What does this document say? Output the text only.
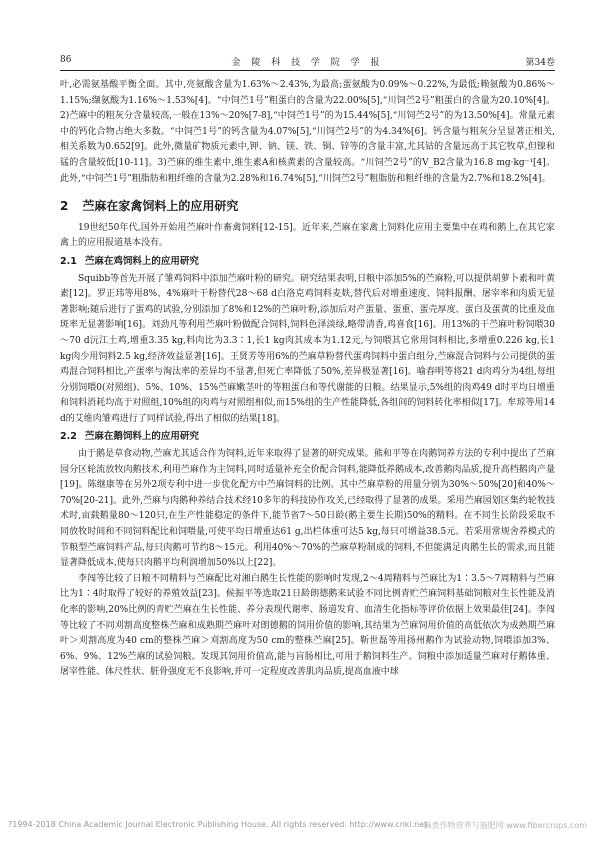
86	金 陵 科 技 学 院 学 报	第34卷

叶,必需氨基酸平衡全面。其中,亮氨酸含量为1.63%～2.43%,为最高;蛋氨酸为0.09%～0.22%,为最低;赖氨酸为0.86%～1.15%;缬氨酸为1.16%～1.53%[4]。“中饲苎1号”粗蛋白的含量为22.00%[5],“川饲苎2号”粗蛋白的含量为20.10%[4]。2)苎麻中的粗灰分含量较高,一般在13%～20%[7-8],“中饲苎1号”的为15.44%[5],“川饲苎2号”的为13.50%[4]。常量元素中的钙化合物占绝大多数。“中饲苎1号”的钙含量为4.07%[5],“川饲苎2号”的为4.34%[6]。钙含量与粗灰分呈显著正相关,相关系数为0.652[9]。此外,微量矿物质元素中,钾、钠、镁、铁、铜、锌等的含量丰富,尤其钴的含量远高于其它牧草,但镍和锰的含量较低[10-11]。3)苎麻的维生素中,维生素A和核黄素的含量较高。“川饲苎2号”的V_B2含量为16.8 mg·kg⁻¹[4]。此外,“中饲苎1号”粗脂肪和粗纤维的含量为2.28%和16.74%[5],“川饲苎2号”粗脂肪和粗纤维的含量为2.7%和18.2%[4]。

2 苎麻在家禽饲料上的应用研究

19世纪50年代,国外开始用苎麻叶作畜禽饲料[12-15]。近年来,苎麻在家禽上饲料化应用主要集中在鸡和鹅上,在其它家禽上的应用报道基本没有。

2.1 苎麻在鸡饲料上的应用研究

Squibb等首先开展了雏鸡饲料中添加苎麻叶粉的研究。研究结果表明,日粮中添加5%的苎麻粉,可以提供胡萝卜素和叶黄素[12]。罗正玮等用8%、4%麻叶干粉替代28～68 d白洛克鸡饲料麦麸,替代后对增重速度、饲料报酬、屠宰率和肉质无显著影响;随后进行了蛋鸡的试验,分别添加了8%和12%的苎麻叶粉,添加后对产蛋量、蛋重、蛋壳厚度、蛋白及蛋黄的比重及血斑率无显著影响[16]。刘劲凡等利用苎麻叶粉做配合饲料,饲料色泽淡绿,略带清香,鸡喜食[16]。用13%的干苎麻叶粉饲喂30～70 d沅江土鸡,增重3.35 kg,料肉比为3.3∶1,长1 kg肉其成本为1.12元,与饲喂其它常用饲料相比,多增重0.226 kg,长1 kg肉少用饲料2.5 kg,经济效益显著[16]。王贤芳等用6%的苎麻草粉替代蛋鸡饲料中蛋白组分,苎麻混合饲料与公司提供的蛋鸡混合饲料相比,产蛋率与淘汰率的差异均不显著,但死亡率降低了50%,差异极显著[16]。喻春明等将21 d肉鸡分为4组,每组分别饲喂0(对照组)、5%、10%、15%苎麻嫩茎叶的等粗蛋白和等代谢能的日粮。结果显示,5%组的肉鸡49 d时平均日增重和饲料消耗均高于对照组,10%组的肉鸡与对照组相似,而15%组的生产性能降低,各组间的饲料转化率相似[17]。牟琼等用14 d的艾维肉雏鸡进行了同样试验,得出了相似的结果[18]。

2.2 苎麻在鹅饲料上的应用研究

由于鹅是草食动物,苎麻尤其适合作为饲料,近年来取得了显著的研究成果。熊和平等在肉鹅饲养方法的专利中提出了苎麻园分区轮流放牧肉鹅技术,利用苎麻作为主饲料,同时适量补充全价配合饲料,能降低养鹅成本,改善鹅肉品质,提升高档鹅肉产量[19]。陈继康等在另外2项专利中进一步优化配方中苎麻饲料的比例。其中苎麻草粉的用量分别为30%～50%[20]和40%～70%[20-21]。此外,苎麻与肉鹅种养结合技术经10多年的科技协作攻关,已经取得了显著的成果。采用苎麻园划区集约轮牧技术时,亩载鹅量80～120只,在生产性能稳定的条件下,能节省7～50日龄(鹅主要生长期)50%的精料。在不同生长阶段采取不同放牧时间和不同饲料配比和饲喂量,可使平均日增重达61 g,出栏体重可达5 kg,每只可增益38.5元。若采用常规舍养模式的节粮型苎麻饲料产品,每只肉鹅可节约8～15元。利用40%～70%的苎麻草粉制成的饲料,不但能满足肉鹅生长的需求,而且能显著降低成本,使每只肉鹅平均利润增加50%以上[22]。

李闯等比较了日粮不同精料与苎麻配比对湘白鹅生长性能的影响时发现,2～4周精料与苎麻比为1∶3.5～7周精料与苎麻比为1∶4时取得了较好的养殖效益[23]。候振平等选取21日龄朗德鹅来试验不同比例青贮苎麻饲料基础饲粮对生长性能及消化率的影响,20%比例的青贮苎麻在生长性能、养分表现代谢率、肠道发育、血清生化指标等评价依据上效果最佳[24]。李闯等比较了不同刈割高度整株苎麻和成熟期苎麻叶对朗德鹅的饲用价值的影响,其结果为苎麻饲用价值的高低依次为成熟期苎麻叶＞刈割高度为40 cm的整株苎麻＞刈割高度为50 cm的整株苎麻[25]。靳世磊等用扬州鹅作为试验动物,饲喂添加3%、6%、9%、12%苎麻的试验饲粮。发现其饲用价值高,能与盲肠相比,可用于鹅饲料生产。饲粮中添加适量苎麻对仔鹅体重、屠宰性能、体尺性状、脏骨强度无不良影响,并可一定程度改善肌肉品质,提高血液中球

?1994-2018 China Academic Journal Electronic Publishing House. All rights reserved. http://www.cnki.net
麻类作物营养与施肥网 www.fibercrops.com
